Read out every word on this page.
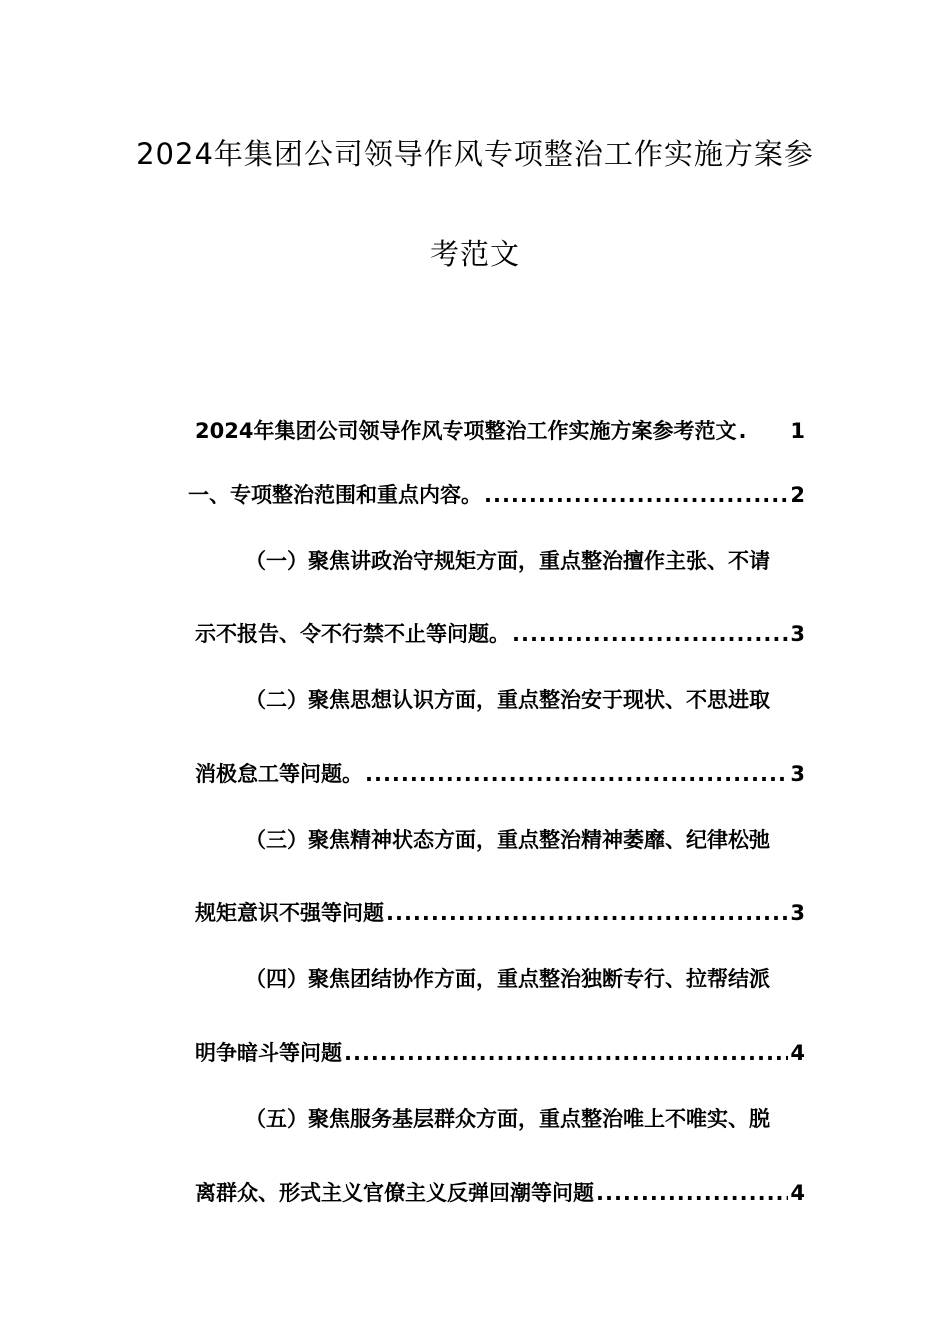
2024年集团公司领导作风专项整治工作实施方案参
考范文
2024年集团公司领导作风专项整治工作实施方案参考范文 .	1
一、专项整治范围和重点内容。 .....	2
（一）聚焦讲政治守规矩方面，重点整治擅作主张、不请
示不报告、令不行禁不止等问题。 .....	3
（二）聚焦思想认识方面，重点整治安于现状、不思进取
消极怠工等问题。 .....	3
（三）聚焦精神状态方面，重点整治精神萎靡、纪律松弛
规矩意识不强等问题 .....	3
（四）聚焦团结协作方面，重点整治独断专行、拉帮结派
明争暗斗等问题 .....	4
（五）聚焦服务基层群众方面，重点整治唯上不唯实、脱
离群众、形式主义官僚主义反弹回潮等问题 .....	4
